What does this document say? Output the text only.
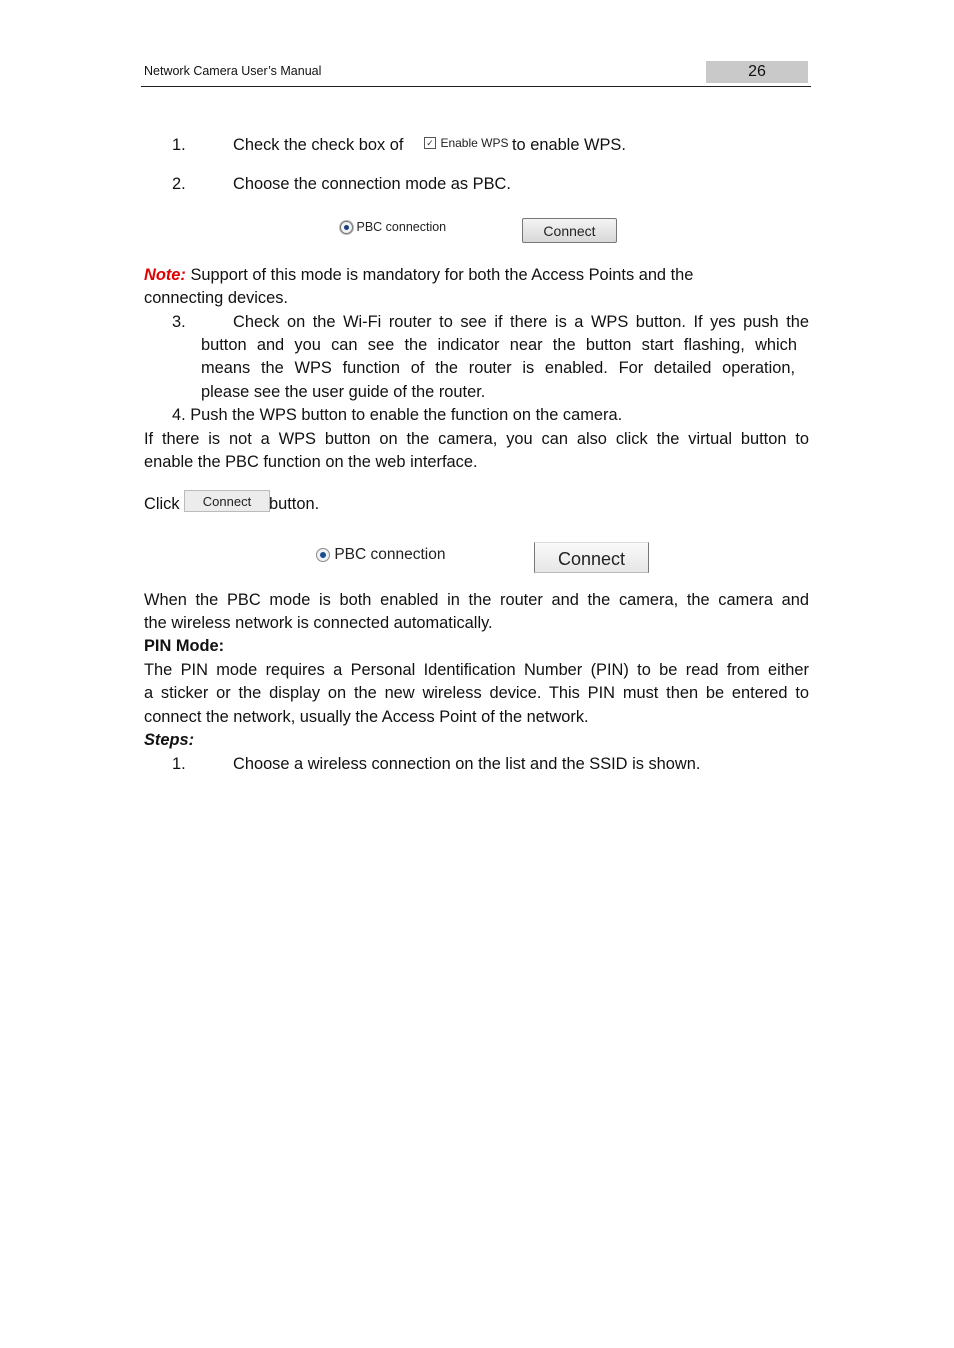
Network Camera User’s Manual	26
1.	Check the check box of	✓ Enable WPS to enable WPS.
2.	Choose the connection mode as PBC.
PBC connection	Connect
Note: Support of this mode is mandatory for both the Access Points and the
connecting devices.
3.	Check on the Wi-Fi router to see if there is a WPS button. If yes push the
button and you can see the indicator near the button start flashing, which
means the WPS function of the router is enabled. For detailed operation,
please see the user guide of the router.
4. Push the WPS button to enable the function on the camera.
If there is not a WPS button on the camera, you can also click the virtual button to
enable the PBC function on the web interface.
Click	Connect	button.
PBC connection	Connect
When the PBC mode is both enabled in the router and the camera, the camera and
the wireless network is connected automatically.
PIN Mode:
The PIN mode requires a Personal Identification Number (PIN) to be read from either
a sticker or the display on the new wireless device. This PIN must then be entered to
connect the network, usually the Access Point of the network.
Steps:
1.	Choose a wireless connection on the list and the SSID is shown.
